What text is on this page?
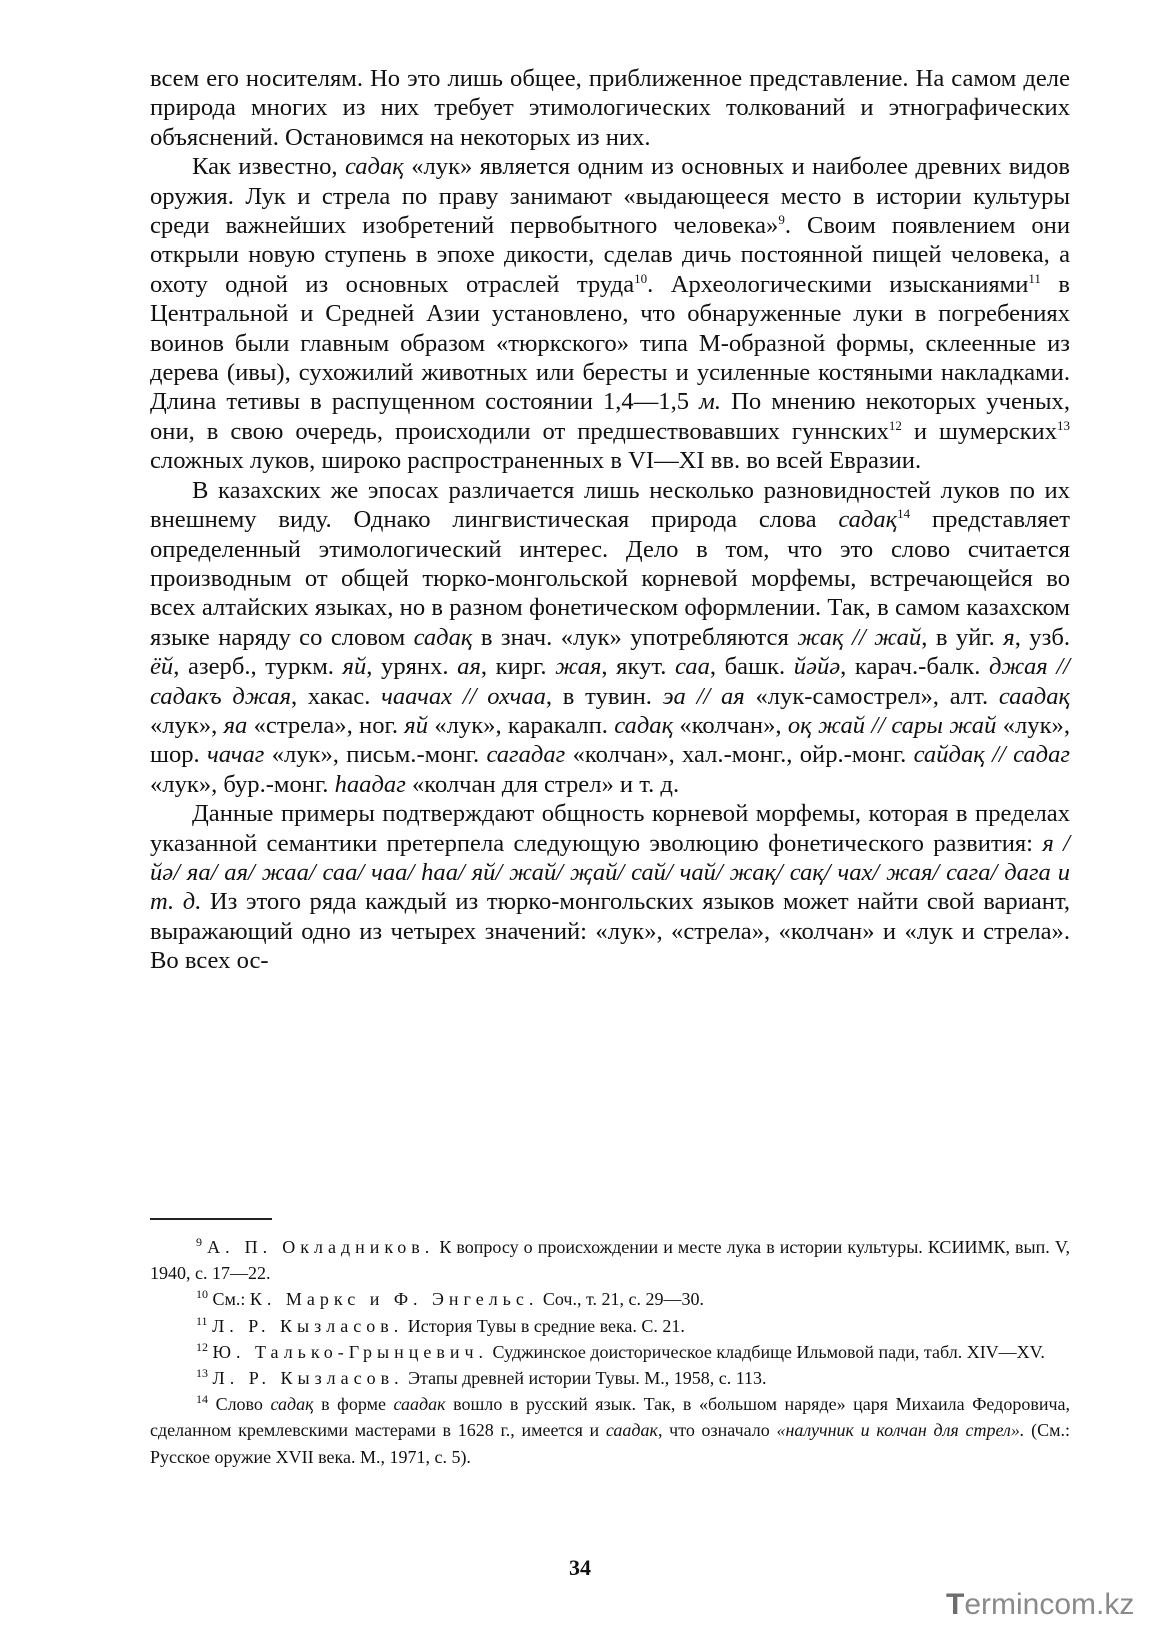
всем его носителям. Но это лишь общее, приближенное представление. На самом деле природа многих из них требует этимологических толкований и этнографических объяснений. Остановимся на некоторых из них.

Как известно, садақ «лук» является одним из основных и наиболее древних видов оружия. Лук и стрела по праву занимают «выдающееся место в истории культуры среди важнейших изобретений первобытного человека»$^9$. Своим появлением они открыли новую ступень в эпохе дикости, сделав дичь постоянной пищей человека, а охоту одной из основных отраслей труда$^{10}$. Археологическими изысканиями$^{11}$ в Центральной и Средней Азии установлено, что обнаруженные луки в погребениях воинов были главным образом «тюркского» типа М-образной формы, склеенные из дерева (ивы), сухожилий животных или бересты и усиленные костяными накладками. Длина тетивы в распущенном состоянии 1,4—1,5 м. По мнению некоторых ученых, они, в свою очередь, происходили от предшествовавших гуннских$^{12}$ и шумерских$^{13}$ сложных луков, широко распространенных в VI—XI вв. во всей Евразии.

В казахских же эпосах различается лишь несколько разновидностей луков по их внешнему виду. Однако лингвистическая природа слова садақ$^{14}$ представляет определенный этимологический интерес. Дело в том, что это слово считается производным от общей тюрко-монгольской корневой морфемы, встречающейся во всех алтайских языках, но в разном фонетическом оформлении. Так, в самом казахском языке наряду со словом садақ в знач. «лук» употребляются жақ // жай, в уйг. я, узб. ёй, азерб., туркм. яй, урянх. ая, кирг. жая, якут. саа, башк. йәйә, карач.-балк. джая // садакъ джая, хакас. чаачах // охчаа, в тувин. эа // ая «лук-самострел», алт. саадақ «лук», яа «стрела», ног. яй «лук», каракалп. садақ «колчан», оқ жай // сары жай «лук», шор. чачаг «лук», письм.-монг. сагадаг «колчан», хал.-монг., ойр.-монг. сайдақ // садаг «лук», бур.-монг. һаадаг «колчан для стрел» и т. д.

Данные примеры подтверждают общность корневой морфемы, которая в пределах указанной семантики претерпела следующую эволюцию фонетического развития: я / йә/ яа/ ая/ жаа/ саа/ чаа/ һаа/ яй/ жай/ җай/ сай/ чай/ жақ/ сақ/ чах/ жая/ сага/ дага и т. д. Из этого ряда каждый из тюрко-монгольских языков может найти свой вариант, выражающий одно из четырех значений: «лук», «стрела», «колчан» и «лук и стрела». Во всех ос-

$^9$ А. П. Окладников. К вопросу о происхождении и месте лука в истории культуры. КСИИМК, вып. V, 1940, с. 17—22.

$^{10}$ См.: К. Маркс и Ф. Энгельс. Соч., т. 21, с. 29—30.

$^{11}$ Л. Р. Кызласов. История Тувы в средние века. С. 21.

$^{12}$ Ю. Талько-Грынцевич. Суджинское доисторическое кладбище Ильмовой пади, табл. XIV—XV.

$^{13}$ Л. Р. Кызласов. Этапы древней истории Тувы. М., 1958, с. 113.

$^{14}$ Слово садақ в форме саадак вошло в русский язык. Так, в «большом наряде» царя Михаила Федоровича, сделанном кремлевскими мастерами в 1628 г., имеется и саадак, что означало «налучник и колчан для стрел». (См.: Русское оружие XVII века. М., 1971, с. 5).

34
Termincom.kz
